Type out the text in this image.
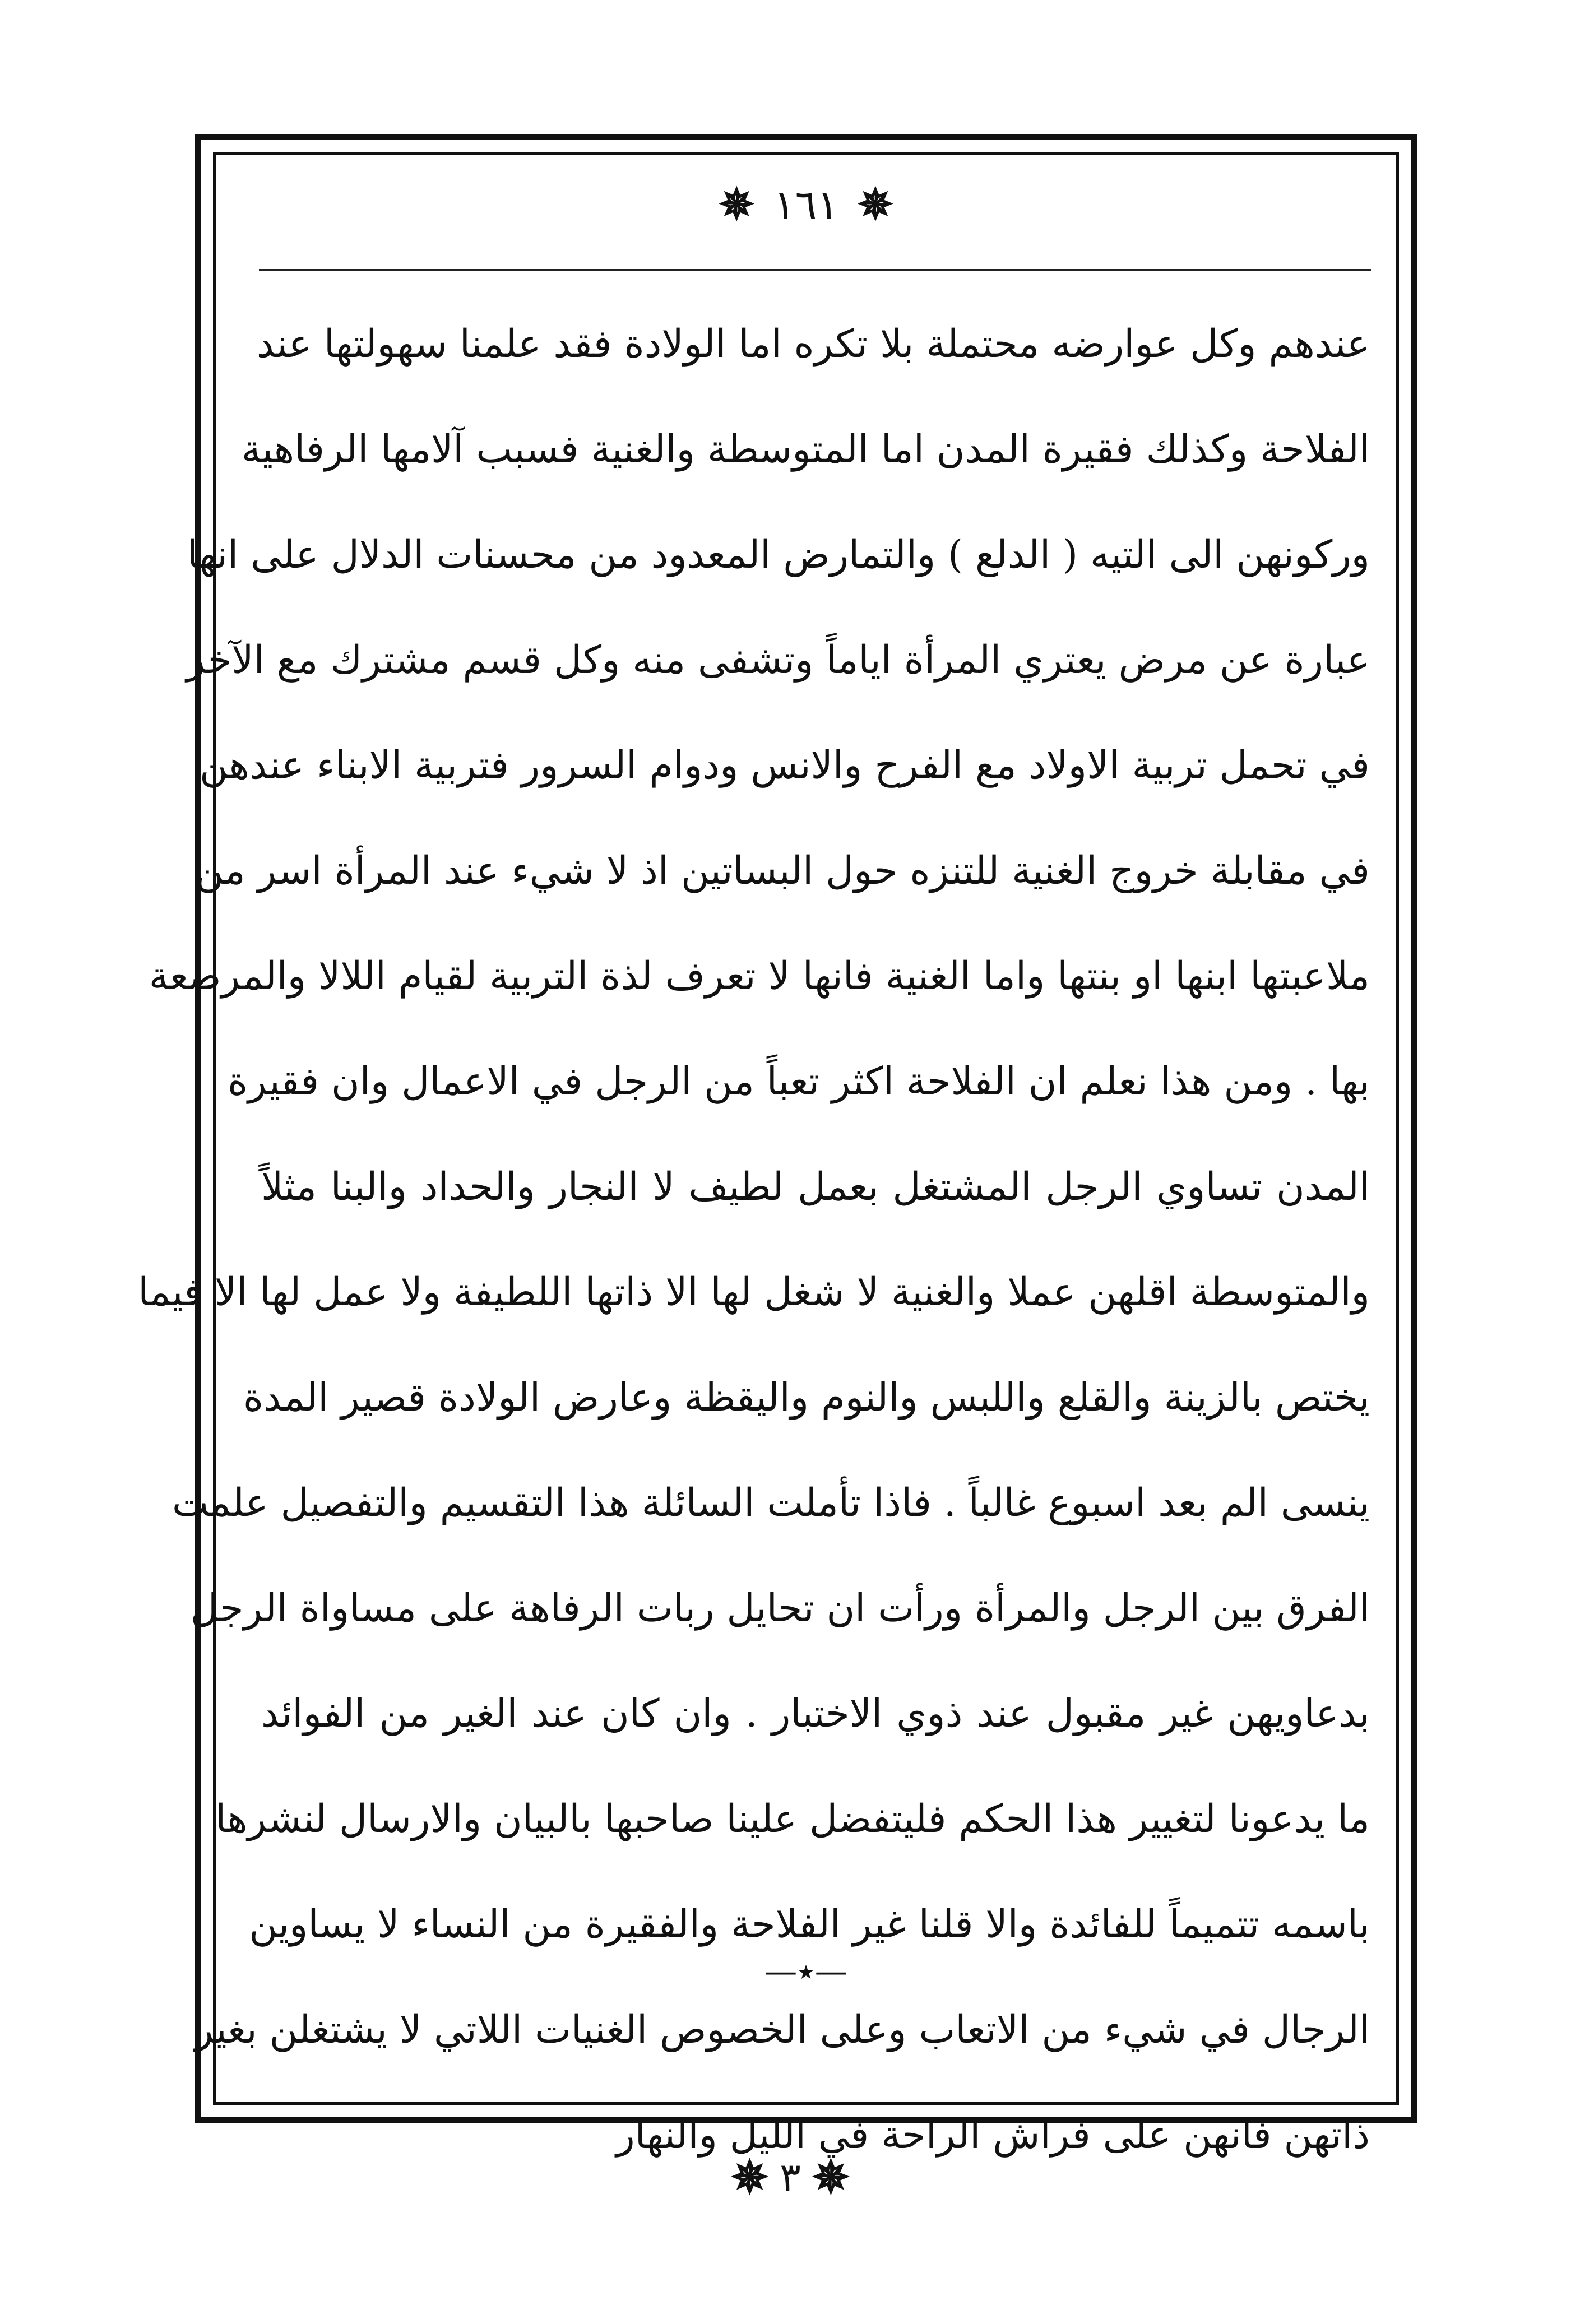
✵
١٦١
✵
عندهم وكل عوارضه محتملة بلا تكره اما الولادة فقد علمنا سهولتها عند
الفلاحة وكذلك فقيرة المدن اما المتوسطة والغنية فسبب آلامها الرفاهية
وركونهن الى التيه ( الدلع ) والتمارض المعدود من محسنات الدلال على انها
عبارة عن مرض يعتري المرأة اياماً وتشفى منه وكل قسم مشترك مع الآخر
في تحمل تربية الاولاد مع الفرح والانس ودوام السرور فتربية الابناء عندهن
في مقابلة خروج الغنية للتنزه حول البساتين اذ لا شيء عند المرأة اسر من
ملاعبتها ابنها او بنتها واما الغنية فانها لا تعرف لذة التربية لقيام اللالا والمرضعة
بها . ومن هذا نعلم ان الفلاحة اكثر تعباً من الرجل في الاعمال وان فقيرة
المدن تساوي الرجل المشتغل بعمل لطيف لا النجار والحداد والبنا مثلاً
والمتوسطة اقلهن عملا والغنية لا شغل لها الا ذاتها اللطيفة ولا عمل لها الا فيما
يختص بالزينة والقلع واللبس والنوم واليقظة وعارض الولادة قصير المدة
ينسى الم بعد اسبوع غالباً . فاذا تأملت السائلة هذا التقسيم والتفصيل علمت
الفرق بين الرجل والمرأة ورأت ان تحايل ربات الرفاهة على مساواة الرجل
بدعاويهن غير مقبول عند ذوي الاختبار . وان كان عند الغير من الفوائد
ما يدعونا لتغيير هذا الحكم فليتفضل علينا صاحبها بالبيان والارسال لنشرها
باسمه تتميماً للفائدة والا قلنا غير الفلاحة والفقيرة من النساء لا يساوين
الرجال في شيء من الاتعاب وعلى الخصوص الغنيات اللاتي لا يشتغلن بغير
ذاتهن فانهن على فراش الراحة في الليل والنهار
—٭—
✵
٣
✵
